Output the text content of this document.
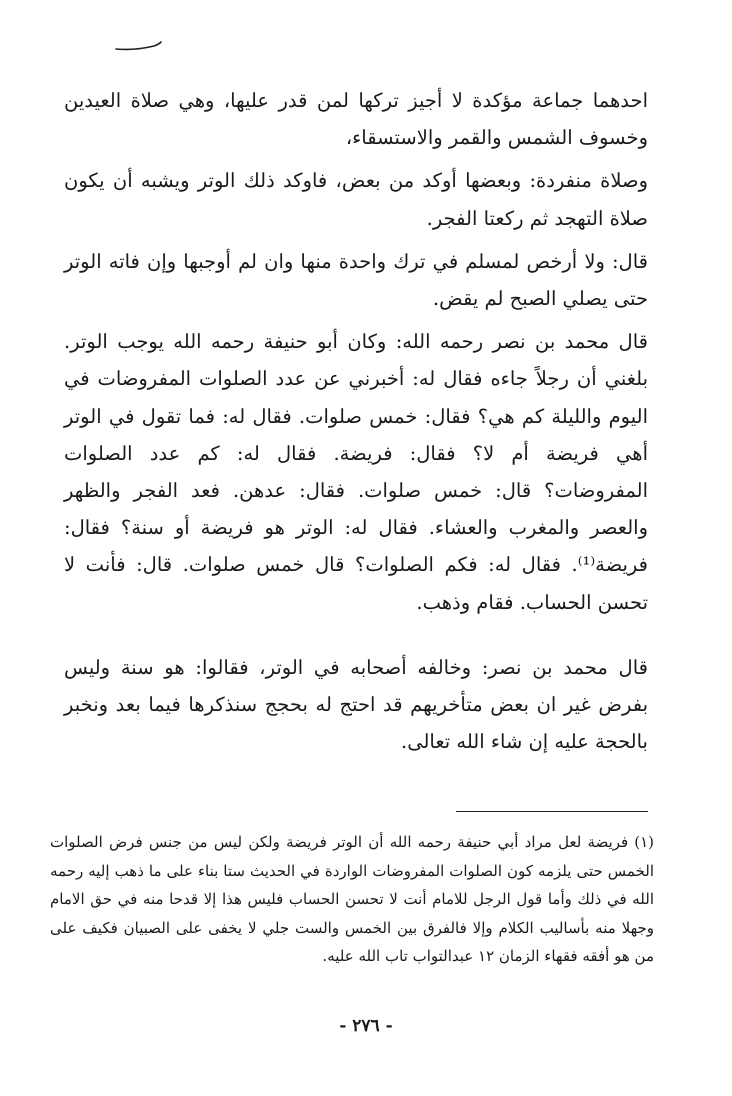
احدهما جماعة مؤكدة لا أجيز تركها لمن قدر عليها، وهي صلاة العيدين وخسوف الشمس والقمر والاستسقاء،

وصلاة منفردة: وبعضها أوكد من بعض، فاوكد ذلك الوتر ويشبه أن يكون صلاة التهجد ثم ركعتا الفجر.

قال: ولا أرخص لمسلم في ترك واحدة منها وان لم أوجبها وإن فاته الوتر حتى يصلي الصبح لم يقض.

قال محمد بن نصر رحمه الله: وكان أبو حنيفة رحمه الله يوجب الوتر. بلغني أن رجلاً جاءه فقال له: أخبرني عن عدد الصلوات المفروضات في اليوم والليلة كم هي؟ فقال: خمس صلوات. فقال له: فما تقول في الوتر أهي فريضة أم لا؟ فقال: فريضة. فقال له: كم عدد الصلوات المفروضات؟ قال: خمس صلوات. فقال: عدهن. فعد الفجر والظهر والعصر والمغرب والعشاء. فقال له: الوتر هو فريضة أو سنة؟ فقال: فريضة⁽¹⁾. فقال له: فكم الصلوات؟ قال خمس صلوات. قال: فأنت لا تحسن الحساب. فقام وذهب.

قال محمد بن نصر: وخالفه أصحابه في الوتر، فقالوا: هو سنة وليس بفرض غير ان بعض متأخريهم قد احتج له بحجج سنذكرها فيما بعد ونخبر بالحجة عليه إن شاء الله تعالى.

(١)فريضة لعل مراد أبي حنيفة رحمه الله أن الوتر فريضة ولكن ليس من جنس فرض الصلوات الخمس حتى يلزمه كون الصلوات المفروضات الواردة في الحديث ستا بناء على ما ذهب إليه رحمه الله في ذلك وأما قول الرجل للامام أنت لا تحسن الحساب فليس هذا إلا قدحا منه في حق الامام وجهلا منه بأساليب الكلام وإلا فالفرق بين الخمس والست جلي لا يخفى على الصبيان فكيف على من هو أفقه فقهاء الزمان ١٢ عبدالتواب تاب الله عليه.

- ٢٧٦ -
